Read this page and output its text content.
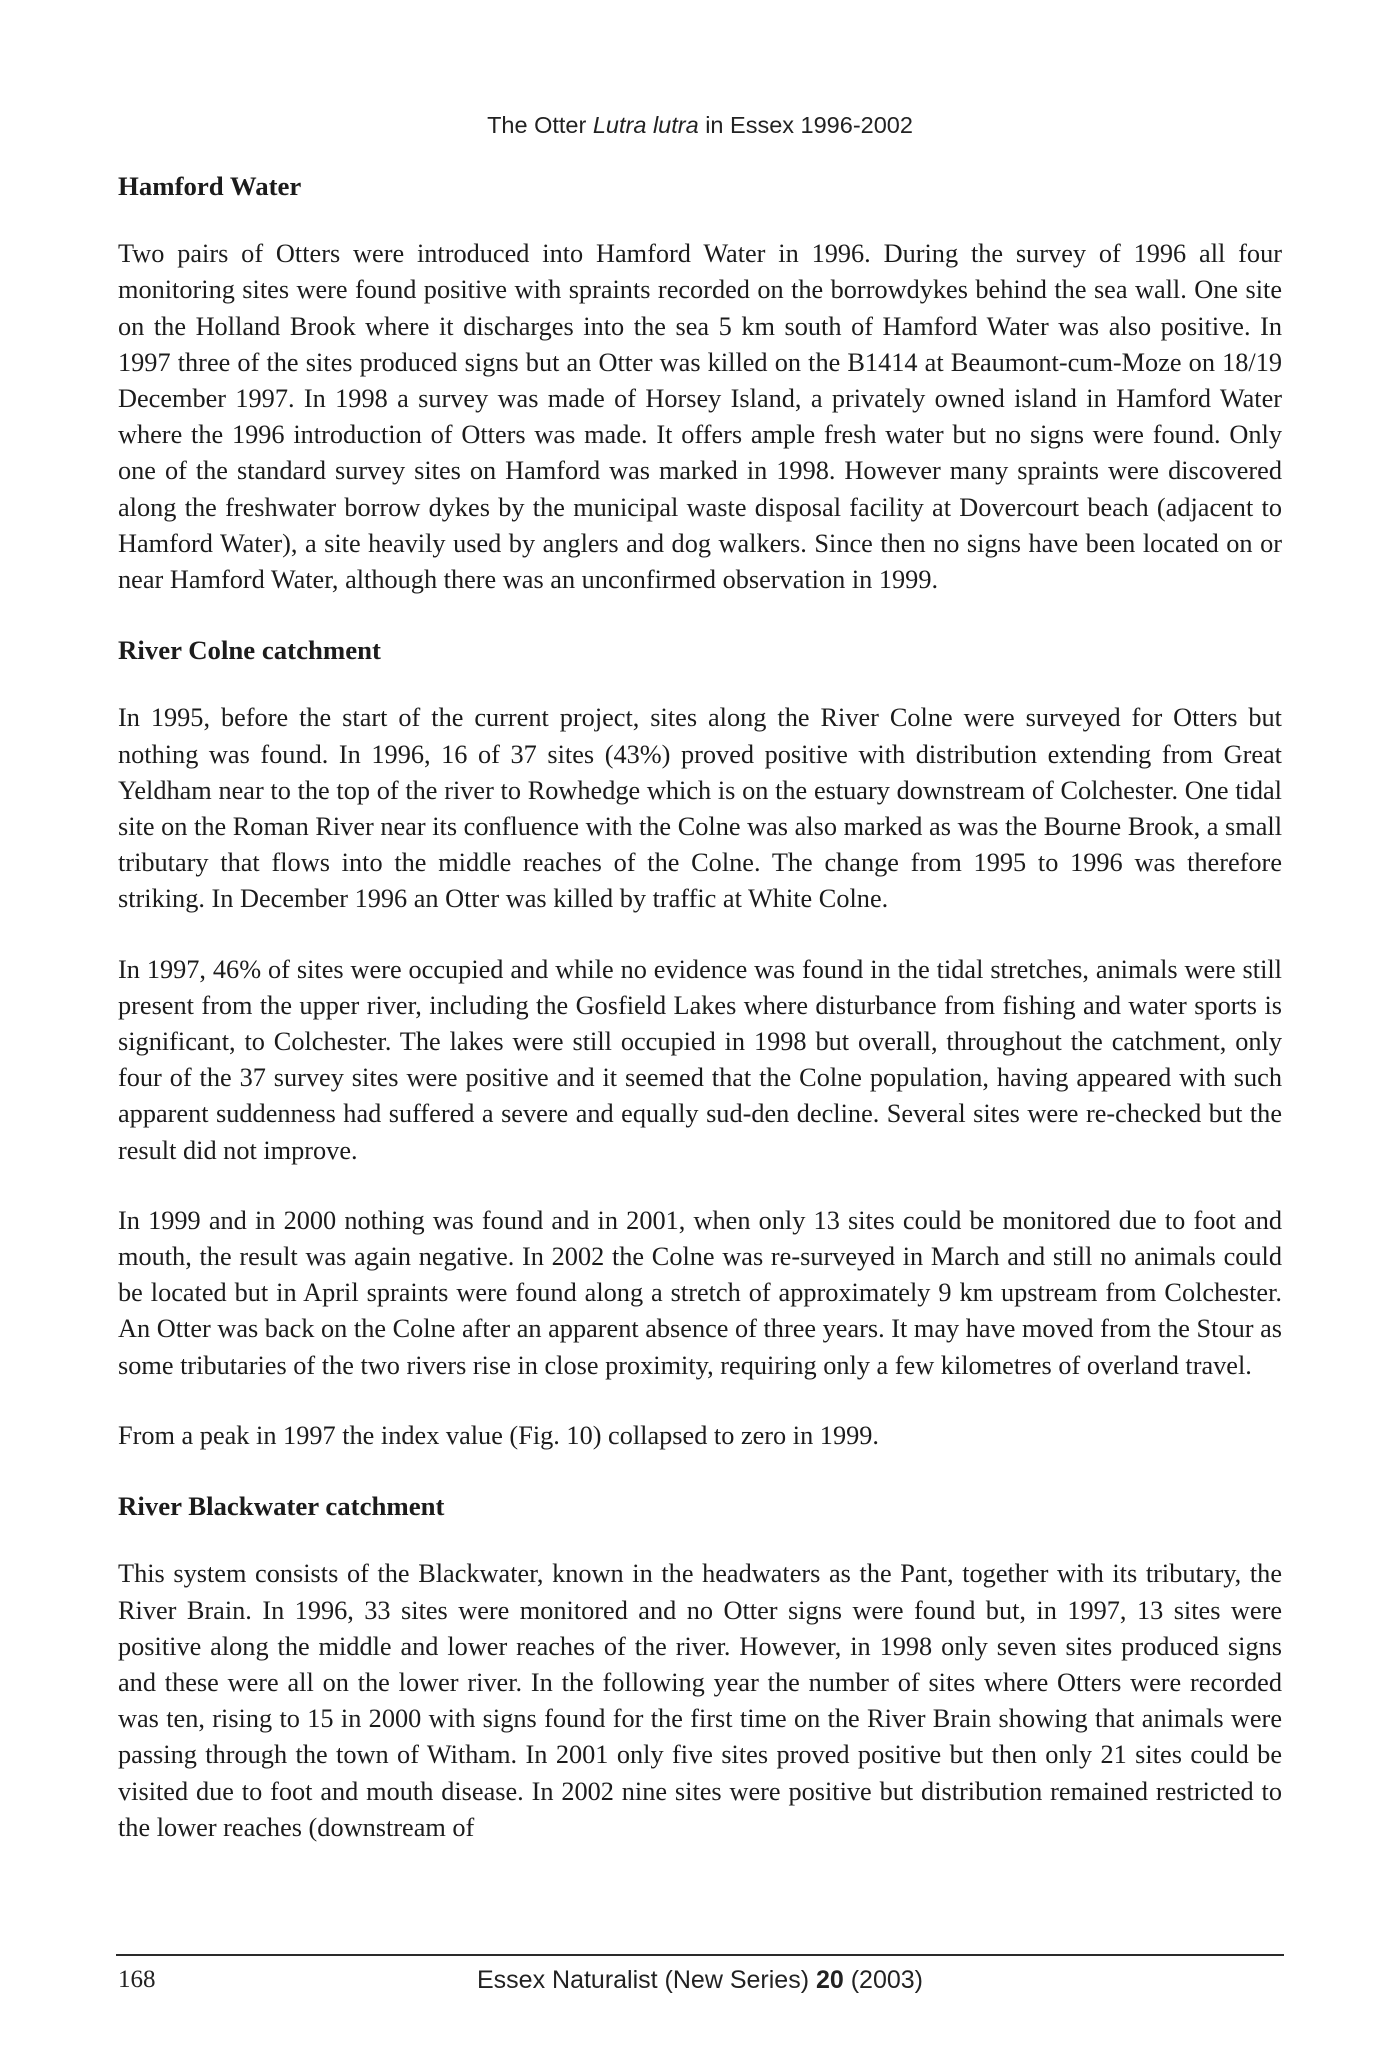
The Otter Lutra lutra in Essex 1996-2002
Hamford Water

Two pairs of Otters were introduced into Hamford Water in 1996. During the survey of 1996 all four monitoring sites were found positive with spraints recorded on the borrowdykes behind the sea wall. One site on the Holland Brook where it discharges into the sea 5 km south of Hamford Water was also positive. In 1997 three of the sites produced signs but an Otter was killed on the B1414 at Beaumont-cum-Moze on 18/19 December 1997. In 1998 a survey was made of Horsey Island, a privately owned island in Hamford Water where the 1996 introduction of Otters was made. It offers ample fresh water but no signs were found. Only one of the standard survey sites on Hamford was marked in 1998. However many spraints were discovered along the freshwater borrow dykes by the municipal waste disposal facility at Dovercourt beach (adjacent to Hamford Water), a site heavily used by anglers and dog walkers. Since then no signs have been located on or near Hamford Water, although there was an unconfirmed observation in 1999.

River Colne catchment

In 1995, before the start of the current project, sites along the River Colne were surveyed for Otters but nothing was found. In 1996, 16 of 37 sites (43%) proved positive with distribution extending from Great Yeldham near to the top of the river to Rowhedge which is on the estuary downstream of Colchester. One tidal site on the Roman River near its confluence with the Colne was also marked as was the Bourne Brook, a small tributary that flows into the middle reaches of the Colne. The change from 1995 to 1996 was therefore striking. In December 1996 an Otter was killed by traffic at White Colne.

In 1997, 46% of sites were occupied and while no evidence was found in the tidal stretches, animals were still present from the upper river, including the Gosfield Lakes where disturbance from fishing and water sports is significant, to Colchester. The lakes were still occupied in 1998 but overall, throughout the catchment, only four of the 37 survey sites were positive and it seemed that the Colne population, having appeared with such apparent suddenness had suffered a severe and equally sud-den decline. Several sites were re-checked but the result did not improve.

In 1999 and in 2000 nothing was found and in 2001, when only 13 sites could be monitored due to foot and mouth, the result was again negative. In 2002 the Colne was re-surveyed in March and still no animals could be located but in April spraints were found along a stretch of approximately 9 km upstream from Colchester. An Otter was back on the Colne after an apparent absence of three years. It may have moved from the Stour as some tributaries of the two rivers rise in close proximity, requiring only a few kilometres of overland travel.

From a peak in 1997 the index value (Fig. 10) collapsed to zero in 1999.

River Blackwater catchment

This system consists of the Blackwater, known in the headwaters as the Pant, together with its tributary, the River Brain. In 1996, 33 sites were monitored and no Otter signs were found but, in 1997, 13 sites were positive along the middle and lower reaches of the river. However, in 1998 only seven sites produced signs and these were all on the lower river. In the following year the number of sites where Otters were recorded was ten, rising to 15 in 2000 with signs found for the first time on the River Brain showing that animals were passing through the town of Witham. In 2001 only five sites proved positive but then only 21 sites could be visited due to foot and mouth disease. In 2002 nine sites were positive but distribution remained restricted to the lower reaches (downstream of

168	Essex Naturalist (New Series) 20 (2003)
